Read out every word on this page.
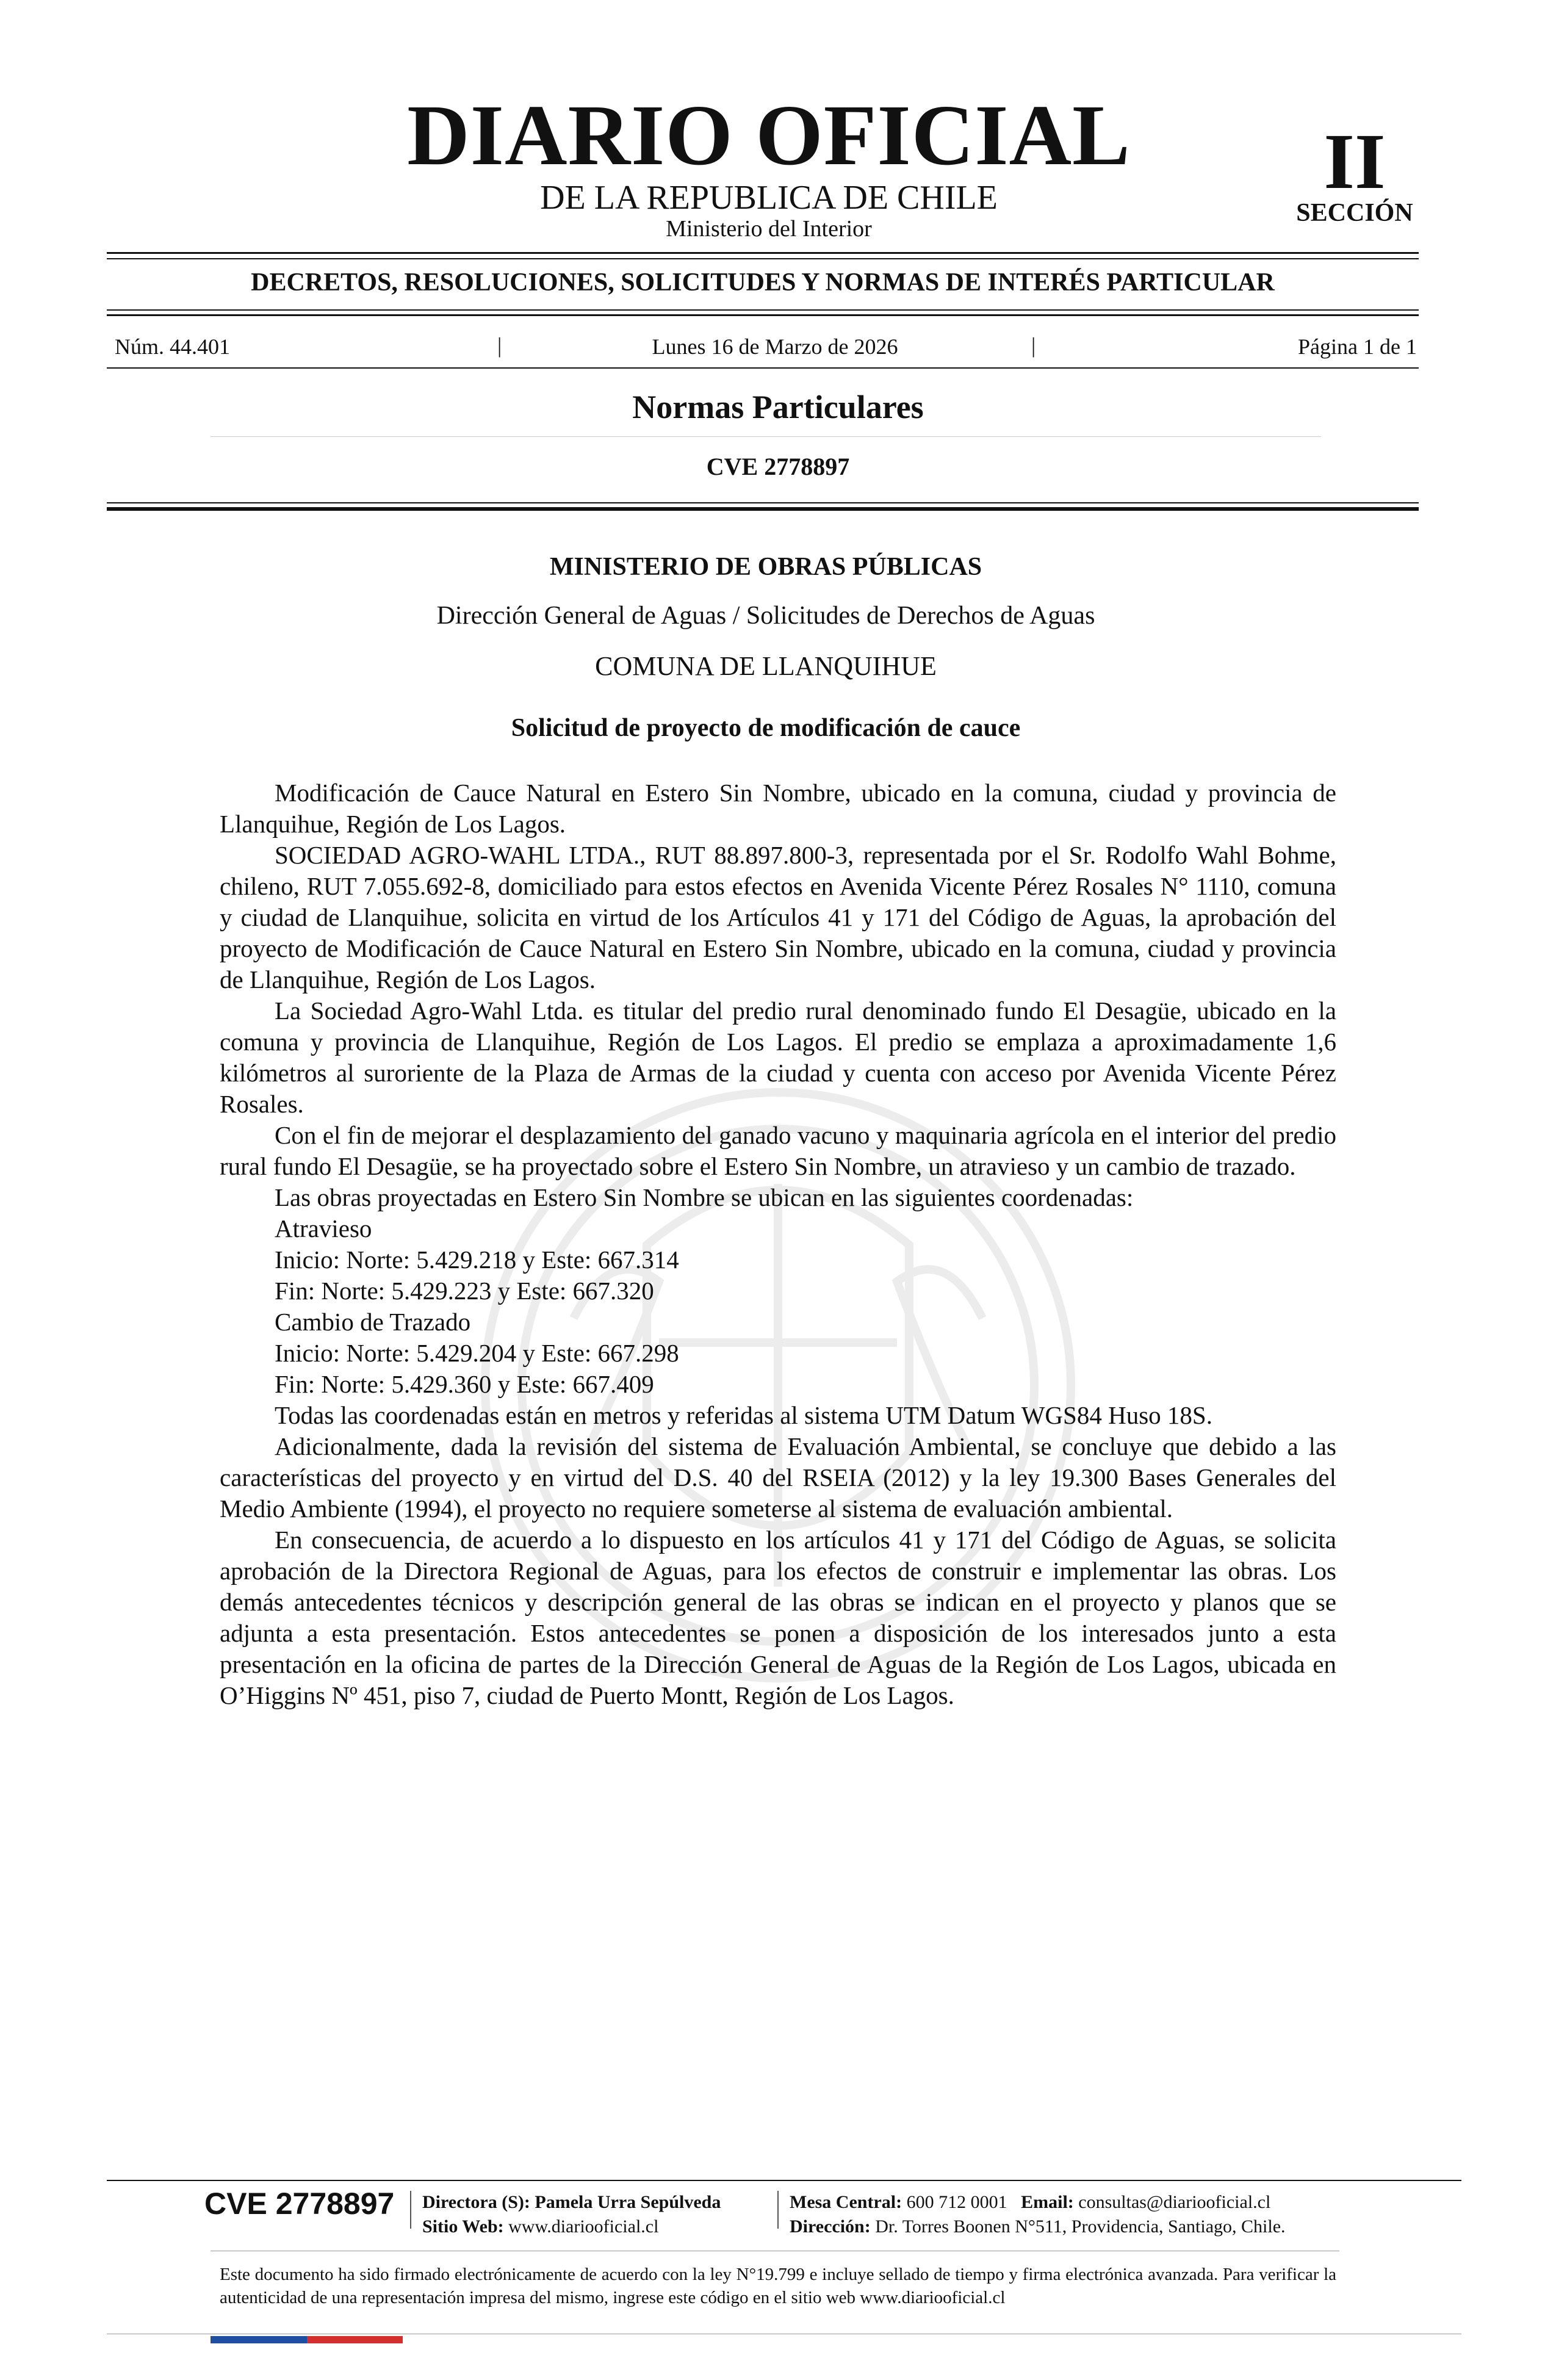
DIARIO OFICIAL
DE LA REPUBLICA DE CHILE
Ministerio del Interior
II
SECCIÓN
DECRETOS, RESOLUCIONES, SOLICITUDES Y NORMAS DE INTERÉS PARTICULAR
Núm. 44.401	|	Lunes 16 de Marzo de 2026	|	Página 1 de 1
Normas Particulares
CVE 2778897
MINISTERIO DE OBRAS PÚBLICAS
Dirección General de Aguas / Solicitudes de Derechos de Aguas
COMUNA DE LLANQUIHUE
Solicitud de proyecto de modificación de cauce

Modificación de Cauce Natural en Estero Sin Nombre, ubicado en la comuna, ciudad y provincia de Llanquihue, Región de Los Lagos.

SOCIEDAD AGRO-WAHL LTDA., RUT 88.897.800-3, representada por el Sr. Rodolfo Wahl Bohme, chileno, RUT 7.055.692-8, domiciliado para estos efectos en Avenida Vicente Pérez Rosales N° 1110, comuna y ciudad de Llanquihue, solicita en virtud de los Artículos 41 y 171 del Código de Aguas, la aprobación del proyecto de Modificación de Cauce Natural en Estero Sin Nombre, ubicado en la comuna, ciudad y provincia de Llanquihue, Región de Los Lagos.

La Sociedad Agro-Wahl Ltda. es titular del predio rural denominado fundo El Desagüe, ubicado en la comuna y provincia de Llanquihue, Región de Los Lagos. El predio se emplaza a aproximadamente 1,6 kilómetros al suroriente de la Plaza de Armas de la ciudad y cuenta con acceso por Avenida Vicente Pérez Rosales.

Con el fin de mejorar el desplazamiento del ganado vacuno y maquinaria agrícola en el interior del predio rural fundo El Desagüe, se ha proyectado sobre el Estero Sin Nombre, un atravieso y un cambio de trazado.

Las obras proyectadas en Estero Sin Nombre se ubican en las siguientes coordenadas:

Atravieso

Inicio: Norte: 5.429.218 y Este: 667.314

Fin: Norte: 5.429.223 y Este: 667.320

Cambio de Trazado

Inicio: Norte: 5.429.204 y Este: 667.298

Fin: Norte: 5.429.360 y Este: 667.409

Todas las coordenadas están en metros y referidas al sistema UTM Datum WGS84 Huso 18S.

Adicionalmente, dada la revisión del sistema de Evaluación Ambiental, se concluye que debido a las características del proyecto y en virtud del D.S. 40 del RSEIA (2012) y la ley 19.300 Bases Generales del Medio Ambiente (1994), el proyecto no requiere someterse al sistema de evaluación ambiental.

En consecuencia, de acuerdo a lo dispuesto en los artículos 41 y 171 del Código de Aguas, se solicita aprobación de la Directora Regional de Aguas, para los efectos de construir e implementar las obras. Los demás antecedentes técnicos y descripción general de las obras se indican en el proyecto y planos que se adjunta a esta presentación. Estos antecedentes se ponen a disposición de los interesados junto a esta presentación en la oficina de partes de la Dirección General de Aguas de la Región de Los Lagos, ubicada en O’Higgins Nº 451, piso 7, ciudad de Puerto Montt, Región de Los Lagos.

CVE 2778897 Directora (S): Pamela Urra Sepúlveda
Sitio Web: www.diariooficial.cl
Mesa Central: 600 712 0001 Email: consultas@diariooficial.cl
Dirección: Dr. Torres Boonen N°511, Providencia, Santiago, Chile.
Este documento ha sido firmado electrónicamente de acuerdo con la ley N°19.799 e incluye sellado de tiempo y firma electrónica avanzada. Para verificar la autenticidad de una representación impresa del mismo, ingrese este código en el sitio web www.diariooficial.cl
